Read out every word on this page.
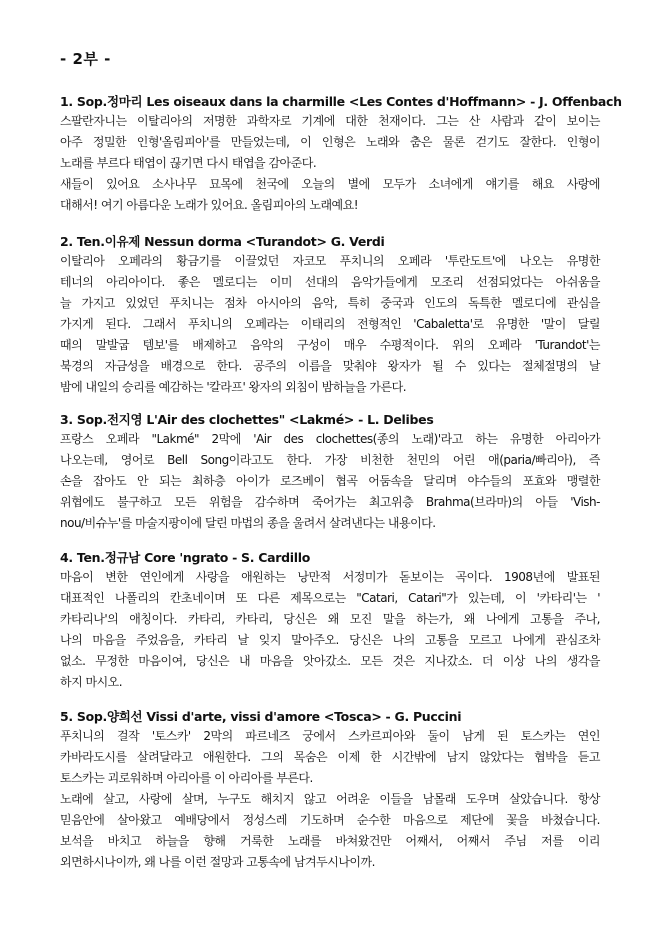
- 2부 -
1. Sop.정마리 Les oiseaux dans la charmille <Les Contes d'Hoffmann> - J. Offenbach
스팔란자니는 이탈리아의 저명한 과학자로 기계에 대한 천재이다. 그는 산 사람과 같이 보이는
아주 정밀한 인형'올림피아'를 만들었는데, 이 인형은 노래와 춤은 물론 걷기도 잘한다. 인형이
노래를 부르다 태엽이 끊기면 다시 태엽을 감아준다.
새들이 있어요 소사나무 묘목에 천국에 오늘의 별에 모두가 소녀에게 얘기를 해요 사랑에
대해서! 여기 아름다운 노래가 있어요. 올림피아의 노래예요!
2. Ten.이유제 Nessun dorma <Turandot> G. Verdi
이탈리아 오페라의 황금기를 이끌었던 자코모 푸치니의 오페라 '투란도트'에 나오는 유명한
테너의 아리아이다. 좋은 멜로디는 이미 선대의 음악가들에게 모조리 선점되었다는 아쉬움을
늘 가지고 있었던 푸치니는 점차 아시아의 음악, 특히 중국과 인도의 독특한 멜로디에 관심을
가지게 된다. 그래서 푸치니의 오페라는 이태리의 전형적인 'Cabaletta'로 유명한 '말이 달릴
때의 말발굽 템보'를 배제하고 음악의 구성이 매우 수평적이다. 위의 오페라 'Turandot'는
북경의 자금성을 배경으로 한다. 공주의 이름을 맞춰야 왕자가 될 수 있다는 절체절명의 날
밤에 내일의 승리를 예감하는 '칼라프' 왕자의 외침이 밤하늘을 가른다.
3. Sop.전지영 L'Air des clochettes" <Lakmé> - L. Delibes
프랑스 오페라 "Lakmé" 2막에 'Air des clochettes(종의 노래)'라고 하는 유명한 아리아가
나오는데, 영어로 Bell Song이라고도 한다. 가장 비천한 천민의 어린 애(paria/빠리아), 즉
손을 잡아도 안 되는 최하층 아이가 로즈베이 협곡 어둠속을 달리며 야수들의 포효와 맹렬한
위협에도 불구하고 모든 위험을 감수하며 죽어가는 최고위층 Brahma(브라마)의 아들 'Vish-
nou/비슈누'를 마술지팡이에 달린 마법의 종을 울려서 살려낸다는 내용이다.
4. Ten.정규남 Core 'ngrato - S. Cardillo
마음이 변한 연인에게 사랑을 애원하는 낭만적 서정미가 돋보이는 곡이다. 1908년에 발표된
대표적인 나폴리의 칸초네이며 또 다른 제목으로는 "Catari, Catari"가 있는데, 이 '카타리'는 '
카타리나'의 애칭이다. 카타리, 카타리, 당신은 왜 모진 말을 하는가, 왜 나에게 고통을 주나,
나의 마음을 주었음을, 카타리 날 잊지 말아주오. 당신은 나의 고통을 모르고 나에게 관심조차
없소. 무정한 마음이여, 당신은 내 마음을 앗아갔소. 모든 것은 지나갔소. 더 이상 나의 생각을
하지 마시오.
5. Sop.양희선 Vissi d'arte, vissi d'amore <Tosca> - G. Puccini
푸치니의 걸작 '토스카' 2막의 파르네즈 궁에서 스카르피아와 둘이 남게 된 토스카는 연인
카바라도시를 살려달라고 애원한다. 그의 목숨은 이제 한 시간밖에 남지 않았다는 협박을 듣고
토스카는 괴로워하며 아리아를 이 아리아를 부른다.
노래에 살고, 사랑에 살며, 누구도 해치지 않고 어려운 이들을 남몰래 도우며 살았습니다. 항상
믿음안에 살아왔고 예배당에서 정성스레 기도하며 순수한 마음으로 제단에 꽃을 바쳤습니다.
보석을 바치고 하늘을 향해 거룩한 노래를 바쳐왔건만 어째서, 어째서 주님 저를 이리
외면하시나이까, 왜 나를 이런 절망과 고통속에 남겨두시나이까.
